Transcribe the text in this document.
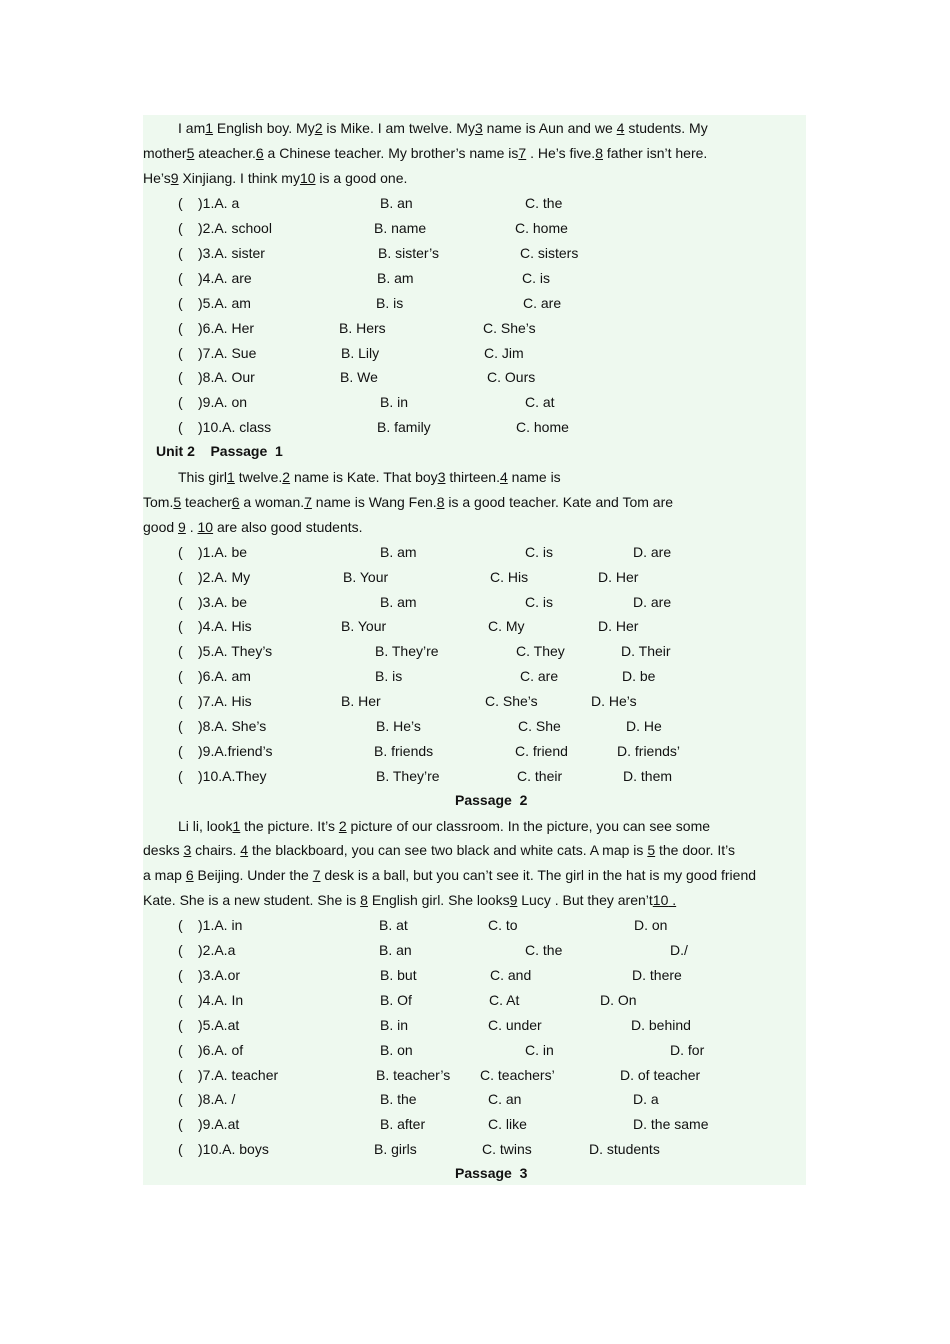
I am1 English boy. My2 is Mike. I am twelve. My3 name is Aun and we 4 students. My
mother5 ateacher.6 a Chinese teacher. My brother’s name is7 . He’s five.8 father isn’t here.
He’s9 Xinjiang. I think my10 is a good one.
( )1.A. a	B. an	C. the
( )2.A. school	B. name	C. home
( )3.A. sister	B. sister’s	C. sisters
( )4.A. are	B. am	C. is
( )5.A. am	B. is	C. are
( )6.A. Her	B. Hers	C. She’s
( )7.A. Sue	B. Lily	C. Jim
( )8.A. Our	B. We	C. Ours
( )9.A. on	B. in	C. at
( )10.A. class	B. family	C. home
Unit 2    Passage  1
This girl1 twelve.2 name is Kate. That boy3 thirteen.4 name is
Tom.5 teacher6 a woman.7 name is Wang Fen.8 is a good teacher. Kate and Tom are
good 9 . 10 are also good students.
( )1.A. be	B. am	C. is	D. are
( )2.A. My	B. Your	C. His	D. Her
( )3.A. be	B. am	C. is	D. are
( )4.A. His	B. Your	C. My	D. Her
( )5.A. They’s	B. They’re	C. They	D. Their
( )6.A. am	B. is	C. are	D. be
( )7.A. His	B. Her	C. She’s	D. He’s
( )8.A. She’s	B. He’s	C. She	D. He
( )9.A.friend’s	B. friends	C. friend	D. friends’
( )10.A.They	B. They’re	C. their	D. them
Passage  2
Li li, look1 the picture. It’s 2 picture of our classroom. In the picture, you can see some
desks 3 chairs. 4 the blackboard, you can see two black and white cats. A map is 5 the door. It’s
a map 6 Beijing. Under the 7 desk is a ball, but you can’t see it. The girl in the hat is my good friend
Kate. She is a new student. She is 8 English girl. She looks9 Lucy . But they aren’t10 .
( )1.A. in	B. at	C. to	D. on
( )2.A.a	B. an	C. the	D./
( )3.A.or	B. but	C. and	D. there
( )4.A. In	B. Of	C. At	D. On
( )5.A.at	B. in	C. under	D. behind
( )6.A. of	B. on	C. in	D. for
( )7.A. teacher	B. teacher’s C. teachers’	D. of teacher
( )8.A. /	B. the	C. an	D. a
( )9.A.at	B. after	C. like	D. the same
( )10.A. boys	B. girls	C. twins	D. students
Passage  3
